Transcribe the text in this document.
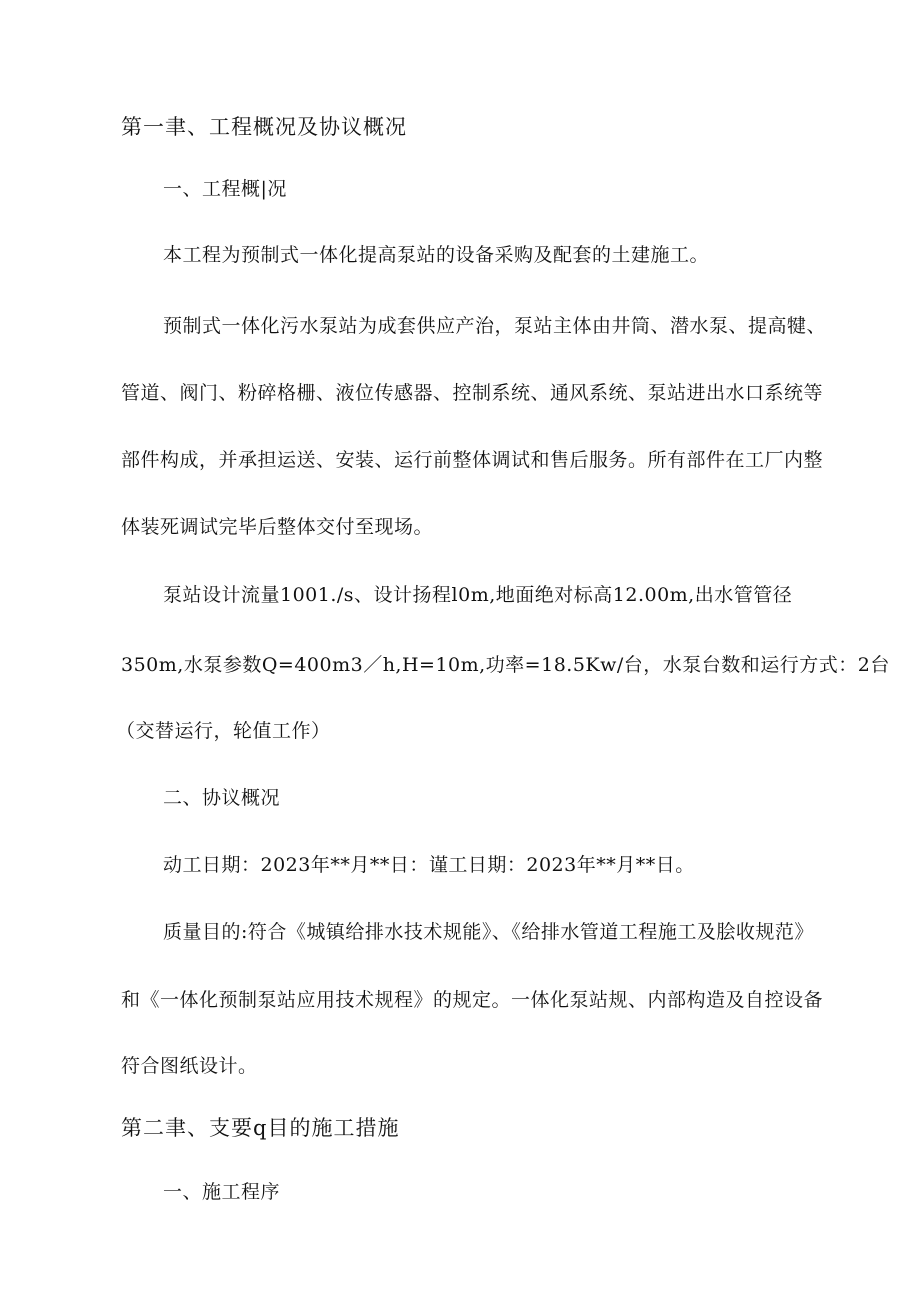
第一聿、工程概况及协议概况
一、工程概|况
本工程为预制式一体化提高泵站的设备采购及配套的土建施工。
预制式一体化污水泵站为成套供应产治，泵站主体由井筒、潜水泵、提高犍、
管道、阀门、粉碎格栅、液位传感器、控制系统、通风系统、泵站进出水口系统等
部件构成，并承担运送、安装、运行前整体调试和售后服务。所有部件在工厂内整
体装死调试完毕后整体交付至现场。
泵站设计流量1001./s、设计扬程l0m,地面绝对标高12.00m,出水管管径
350m,水泵参数Q=400m3／h,H=10m,功率=18.5Kw/台，水泵台数和运行方式：2台
（交替运行，轮值工作）
二、协议概况
动工日期：2023年**月**日：谨工日期：2023年**月**日。
质量目的:符合《城镇给排水技术规能》、《给排水管道工程施工及脍收规范》
和《一体化预制泵站应用技术规程》的规定。一体化泵站规、内部构造及自控设备
符合图纸设计。
第二聿、支要q目的施工措施
一、施工程序
